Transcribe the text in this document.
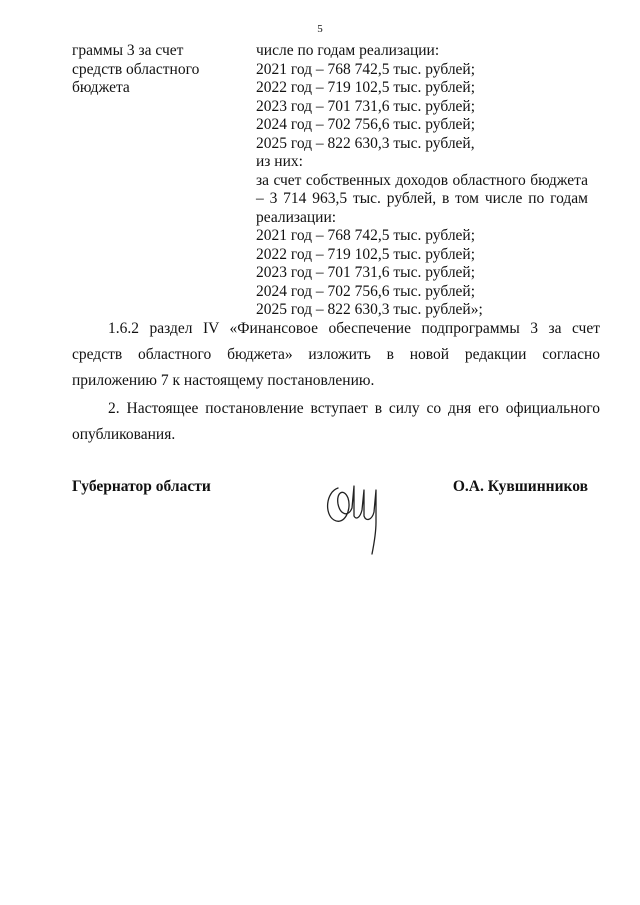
5
граммы 3 за счет
средств областного
бюджета
числе по годам реализации:
2021 год – 768 742,5 тыс. рублей;
2022 год – 719 102,5 тыс. рублей;
2023 год – 701 731,6 тыс. рублей;
2024 год – 702 756,6 тыс. рублей;
2025 год – 822 630,3 тыс. рублей,
из них:
за счет собственных доходов областного бюджета – 3 714 963,5 тыс. рублей, в том числе по годам реализации:
2021 год – 768 742,5 тыс. рублей;
2022 год – 719 102,5 тыс. рублей;
2023 год – 701 731,6 тыс. рублей;
2024 год – 702 756,6 тыс. рублей;
2025 год – 822 630,3 тыс. рублей»;

1.6.2 раздел IV «Финансовое обеспечение подпрограммы 3 за счет средств областного бюджета» изложить в новой редакции согласно приложению 7 к настоящему постановлению.

2. Настоящее постановление вступает в силу со дня его официального опубликования.

Губернатор области	О.А. Кувшинников
